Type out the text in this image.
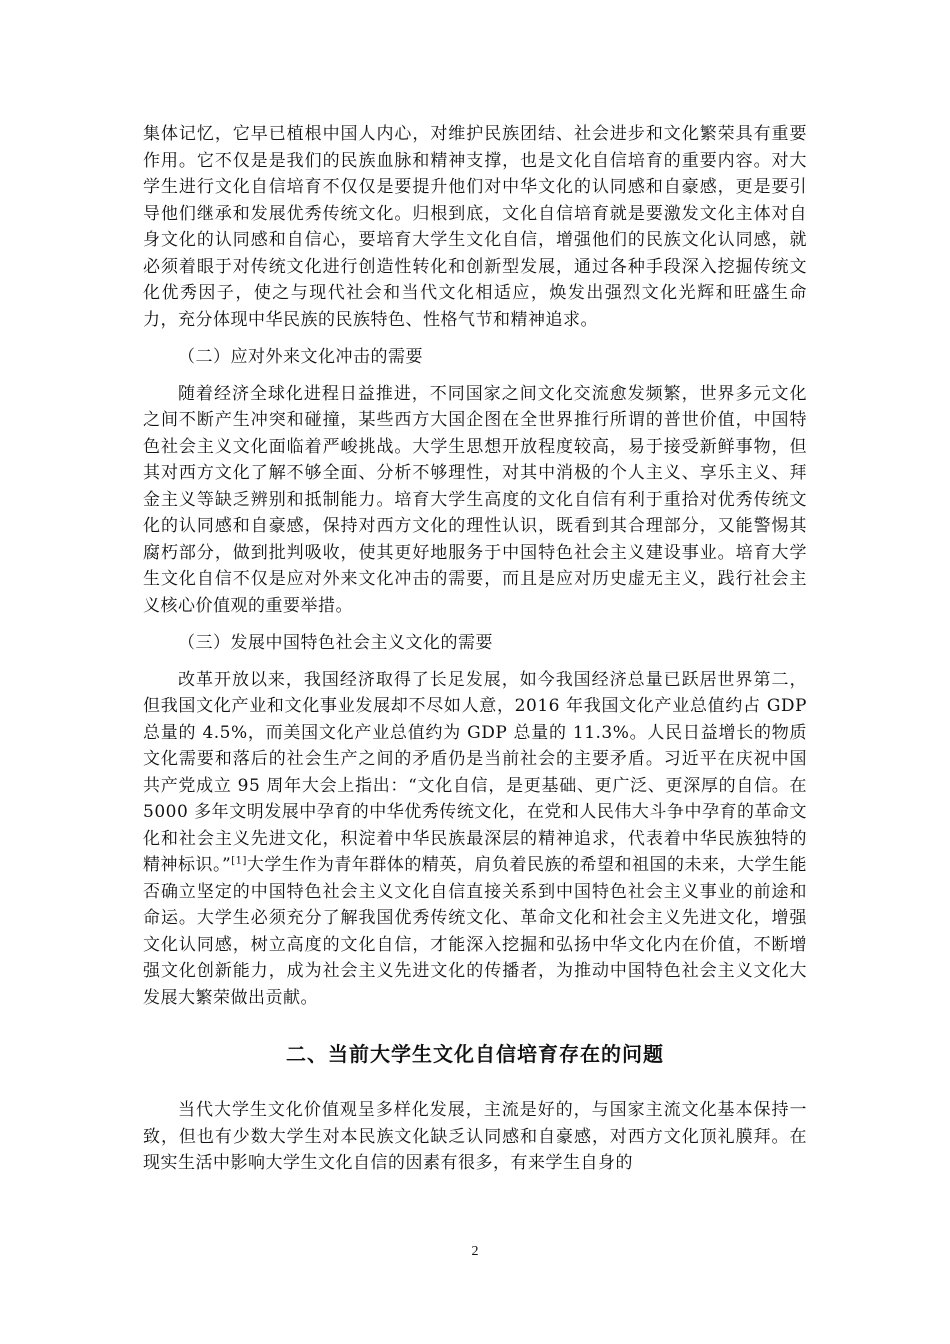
集体记忆，它早已植根中国人内心，对维护民族团结、社会进步和文化繁荣具有重要作用。它不仅是是我们的民族血脉和精神支撑，也是文化自信培育的重要内容。对大学生进行文化自信培育不仅仅是要提升他们对中华文化的认同感和自豪感，更是要引导他们继承和发展优秀传统文化。归根到底，文化自信培育就是要激发文化主体对自身文化的认同感和自信心，要培育大学生文化自信，增强他们的民族文化认同感，就必须着眼于对传统文化进行创造性转化和创新型发展，通过各种手段深入挖掘传统文化优秀因子，使之与现代社会和当代文化相适应，焕发出强烈文化光辉和旺盛生命力，充分体现中华民族的民族特色、性格气节和精神追求。

（二）应对外来文化冲击的需要

随着经济全球化进程日益推进，不同国家之间文化交流愈发频繁，世界多元文化之间不断产生冲突和碰撞，某些西方大国企图在全世界推行所谓的普世价值，中国特色社会主义文化面临着严峻挑战。大学生思想开放程度较高，易于接受新鲜事物，但其对西方文化了解不够全面、分析不够理性，对其中消极的个人主义、享乐主义、拜金主义等缺乏辨别和抵制能力。培育大学生高度的文化自信有利于重拾对优秀传统文化的认同感和自豪感，保持对西方文化的理性认识，既看到其合理部分，又能警惕其腐朽部分，做到批判吸收，使其更好地服务于中国特色社会主义建设事业。培育大学生文化自信不仅是应对外来文化冲击的需要，而且是应对历史虚无主义，践行社会主义核心价值观的重要举措。

（三）发展中国特色社会主义文化的需要

改革开放以来，我国经济取得了长足发展，如今我国经济总量已跃居世界第二，但我国文化产业和文化事业发展却不尽如人意，2016 年我国文化产业总值约占 GDP 总量的 4.5%，而美国文化产业总值约为 GDP 总量的 11.3%。人民日益增长的物质文化需要和落后的社会生产之间的矛盾仍是当前社会的主要矛盾。习近平在庆祝中国共产党成立 95 周年大会上指出：“文化自信，是更基础、更广泛、更深厚的自信。在 5000 多年文明发展中孕育的中华优秀传统文化，在党和人民伟大斗争中孕育的革命文化和社会主义先进文化，积淀着中华民族最深层的精神追求，代表着中华民族独特的精神标识。”[1]大学生作为青年群体的精英，肩负着民族的希望和祖国的未来，大学生能否确立坚定的中国特色社会主义文化自信直接关系到中国特色社会主义事业的前途和命运。大学生必须充分了解我国优秀传统文化、革命文化和社会主义先进文化，增强文化认同感，树立高度的文化自信，才能深入挖掘和弘扬中华文化内在价值，不断增强文化创新能力，成为社会主义先进文化的传播者，为推动中国特色社会主义文化大发展大繁荣做出贡献。

二、当前大学生文化自信培育存在的问题

当代大学生文化价值观呈多样化发展，主流是好的，与国家主流文化基本保持一致，但也有少数大学生对本民族文化缺乏认同感和自豪感，对西方文化顶礼膜拜。在现实生活中影响大学生文化自信的因素有很多，有来学生自身的

2
